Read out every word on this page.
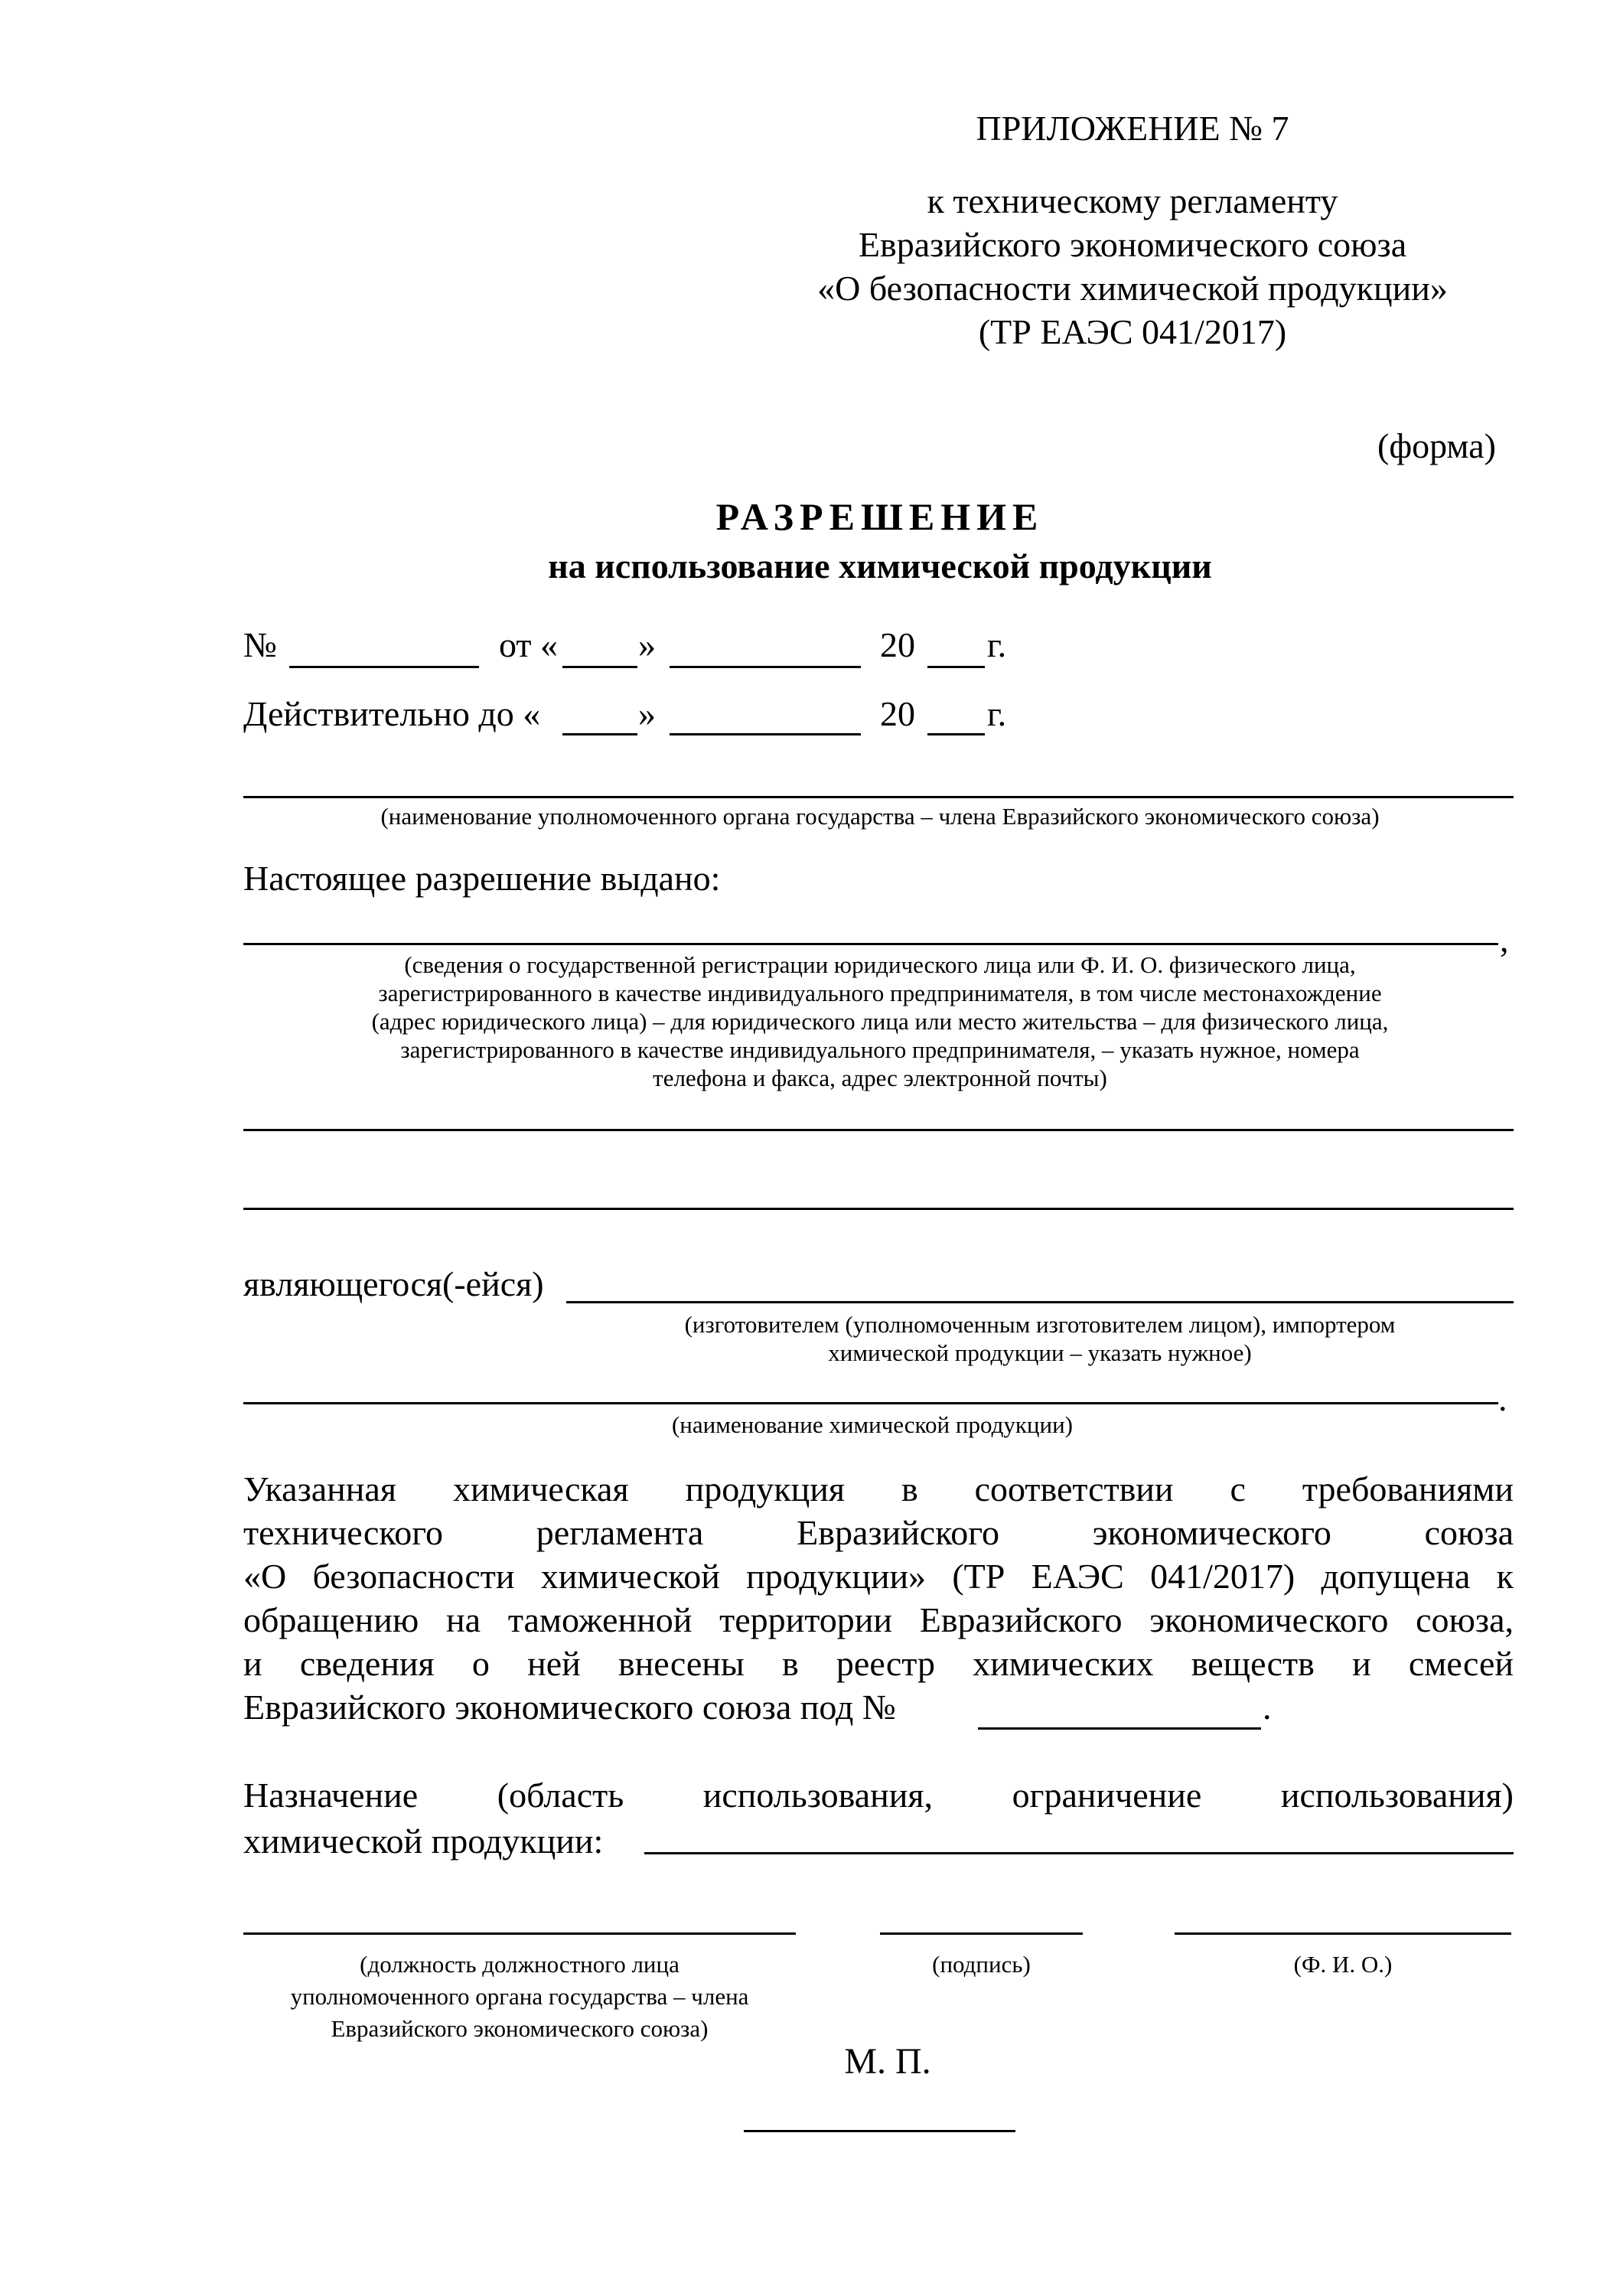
ПРИЛОЖЕНИЕ № 7
к техническому регламенту
Евразийского экономического союза
«О безопасности химической продукции»
(ТР ЕАЭС 041/2017)
(форма)
РАЗРЕШЕНИЕ
на использование химической продукции
№	от « »	20 г.
Действительно до «	»	20 г.
(наименование уполномоченного органа государства – члена Евразийского экономического союза)
Настоящее разрешение выдано:
,
(сведения о государственной регистрации юридического лица или Ф. И. О. физического лица,
зарегистрированного в качестве индивидуального предпринимателя, в том числе местонахождение
(адрес юридического лица) – для юридического лица или место жительства – для физического лица,
зарегистрированного в качестве индивидуального предпринимателя, – указать нужное, номера
телефона и факса, адрес электронной почты)
являющегося(-ейся)
(изготовителем (уполномоченным изготовителем лицом), импортером
химической продукции – указать нужное)
.
(наименование химической продукции)
Указанная химическая продукция в соответствии с требованиями
технического регламента Евразийского экономического союза
«О безопасности химической продукции» (ТР ЕАЭС 041/2017) допущена к
обращению на таможенной территории Евразийского экономического союза,
и сведения о ней внесены в реестр химических веществ и смесей
Евразийского экономического союза под №	.
Назначение (область использования, ограничение использования)
химической продукции:
(должность должностного лица
уполномоченного органа государства – члена
Евразийского экономического союза)
(подпись)	(Ф. И. О.)
М. П.
